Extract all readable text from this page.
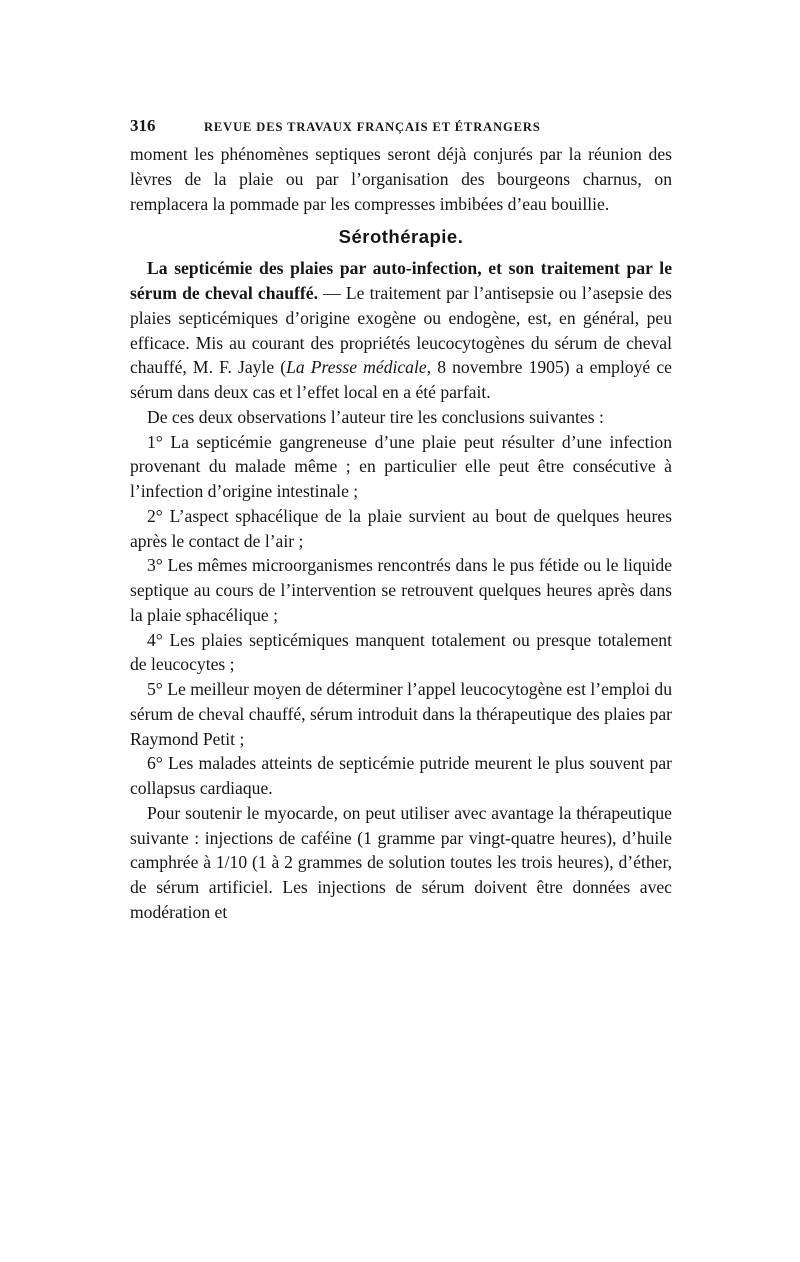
316	REVUE DES TRAVAUX FRANÇAIS ET ÉTRANGERS

moment les phénomènes septiques seront déjà conjurés par la réunion des lèvres de la plaie ou par l’organisation des bourgeons charnus, on remplacera la pommade par les compresses imbibées d’eau bouillie.

Sérothérapie.

La septicémie des plaies par auto-infection, et son traitement par le sérum de cheval chauffé. — Le traitement par l’antisepsie ou l’asepsie des plaies septicémiques d’origine exogène ou endogène, est, en général, peu efficace. Mis au courant des propriétés leucocytogènes du sérum de cheval chauffé, M. F. Jayle (La Presse médicale, 8 novembre 1905) a employé ce sérum dans deux cas et l’effet local en a été parfait.

De ces deux observations l’auteur tire les conclusions suivantes :

1° La septicémie gangreneuse d’une plaie peut résulter d’une infection provenant du malade même ; en particulier elle peut être consécutive à l’infection d’origine intestinale ;

2° L’aspect sphacélique de la plaie survient au bout de quelques heures après le contact de l’air ;

3° Les mêmes microorganismes rencontrés dans le pus fétide ou le liquide septique au cours de l’intervention se retrouvent quelques heures après dans la plaie sphacélique ;

4° Les plaies septicémiques manquent totalement ou presque totalement de leucocytes ;

5° Le meilleur moyen de déterminer l’appel leucocytogène est l’emploi du sérum de cheval chauffé, sérum introduit dans la thérapeutique des plaies par Raymond Petit ;

6° Les malades atteints de septicémie putride meurent le plus souvent par collapsus cardiaque.

Pour soutenir le myocarde, on peut utiliser avec avantage la thérapeutique suivante : injections de caféine (1 gramme par vingt-quatre heures), d’huile camphrée à 1/10 (1 à 2 grammes de solution toutes les trois heures), d’éther, de sérum artificiel. Les injections de sérum doivent être données avec modération et
